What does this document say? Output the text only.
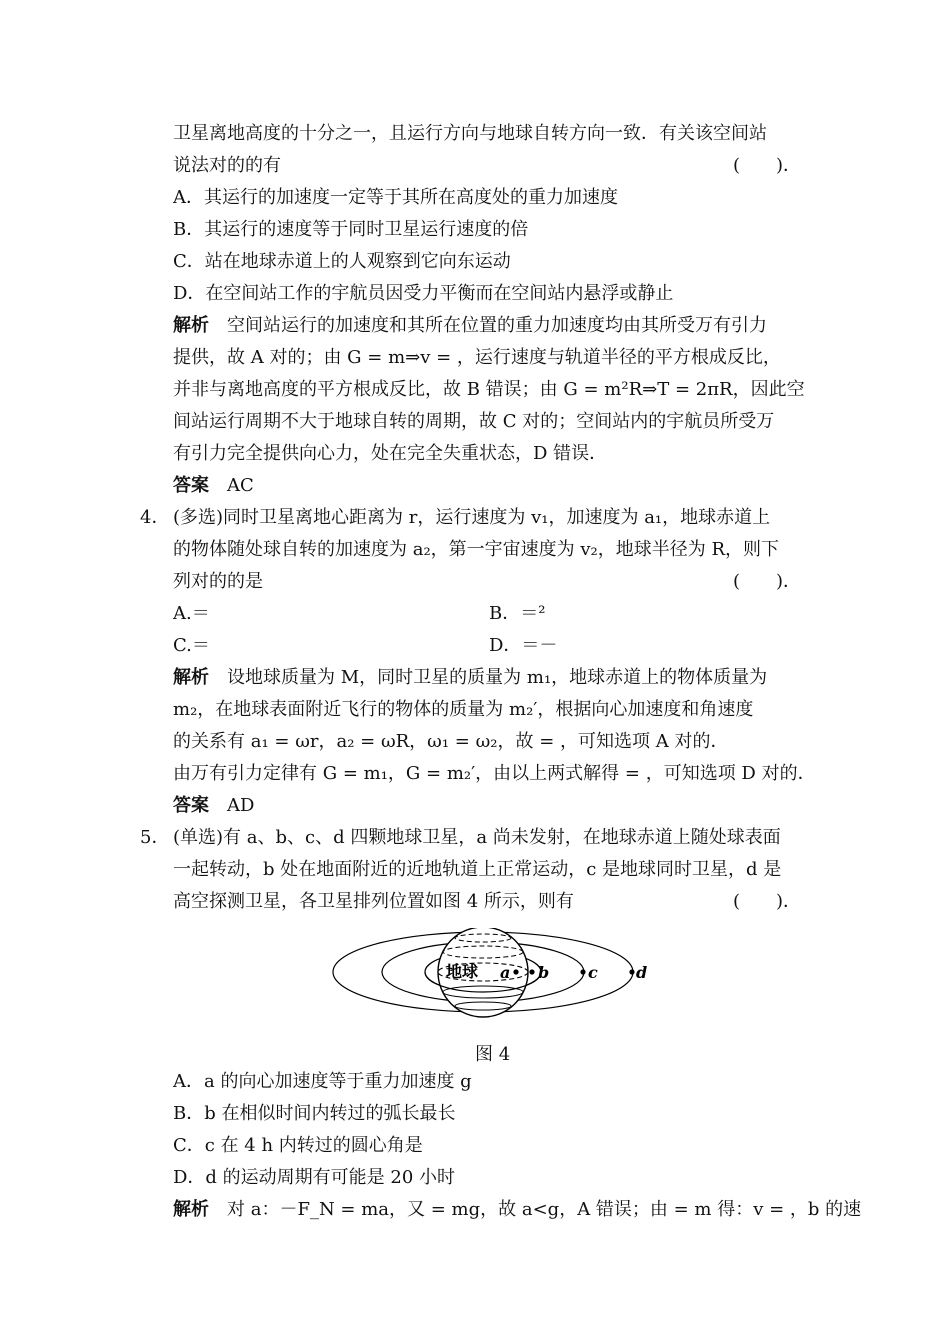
卫星离地高度的十分之一，且运行方向与地球自转方向一致．有关该空间站
说法对的的有	(　　)．
A．其运行的加速度一定等于其所在高度处的重力加速度
B．其运行的速度等于同时卫星运行速度的倍
C．站在地球赤道上的人观察到它向东运动
D．在空间站工作的宇航员因受力平衡而在空间站内悬浮或静止
解析  空间站运行的加速度和其所在位置的重力加速度均由其所受万有引力
提供，故 A 对的；由 G = m⇒v = ，运行速度与轨道半径的平方根成反比，
并非与离地高度的平方根成反比，故 B 错误；由 G = m²R⇒T = 2πR，因此空
间站运行周期不大于地球自转的周期，故 C 对的；空间站内的宇航员所受万
有引力完全提供向心力，处在完全失重状态，D 错误．
答案  AC
4． (多选)同时卫星离地心距离为 r，运行速度为 v₁，加速度为 a₁，地球赤道上
的物体随处球自转的加速度为 a₂，第一宇宙速度为 v₂，地球半径为 R，则下
列对的的是	(　　)．
A.＝	B．＝²
C.＝	D．＝－
解析  设地球质量为 M，同时卫星的质量为 m₁，地球赤道上的物体质量为
m₂，在地球表面附近飞行的物体的质量为 m₂′，根据向心加速度和角速度
的关系有 a₁ = ωr，a₂ = ωR，ω₁ = ω₂，故 = ，可知选项 A 对的．
由万有引力定律有 G = m₁，G = m₂′，由以上两式解得 = ，可知选项 D 对的．
答案  AD
5． (单选)有 a、b、c、d 四颗地球卫星，a 尚未发射，在地球赤道上随处球表面
一起转动，b 处在地面附近的近地轨道上正常运动，c 是地球同时卫星，d 是
高空探测卫星，各卫星排列位置如图 4 所示，则有	(　　)．
地球 a b c d
图 4
A．a 的向心加速度等于重力加速度 g
B．b 在相似时间内转过的弧长最长
C．c 在 4 h 内转过的圆心角是
D．d 的运动周期有可能是 20 小时
解析  对 a：－F_N = ma，又 = mg，故 a<g，A 错误；由 = m 得：v = ，b 的速
